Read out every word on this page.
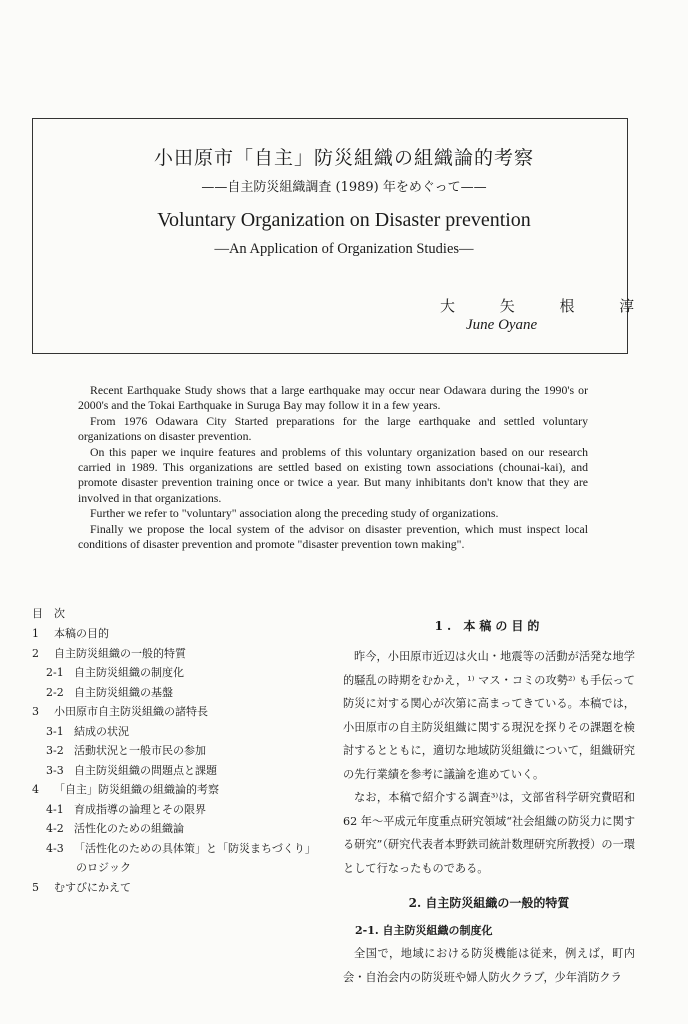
小田原市「自主」防災組織の組織論的考察
——自主防災組織調査 (1989) 年をめぐって——
Voluntary Organization on Disaster prevention
—An Application of Organization Studies—
大 矢 根 淳
June Oyane

Recent Earthquake Study shows that a large earthquake may occur near Odawara during the 1990's or 2000's and the Tokai Earthquake in Suruga Bay may follow it in a few years.

From 1976 Odawara City Started preparations for the large earthquake and settled voluntary organizations on disaster prevention.

On this paper we inquire features and problems of this voluntary organization based on our research carried in 1989. This organizations are settled based on existing town associations (chounai-kai), and promote disaster prevention training once or twice a year. But many inhibitants don't know that they are involved in that organizations.

Further we refer to "voluntary" association along the preceding study of organizations.

Finally we propose the local system of the advisor on disaster prevention, which must inspect local conditions of disaster prevention and promote "disaster prevention town making".

目　次
1 本稿の目的
2 自主防災組織の一般的特質
2-1 自主防災組織の制度化
2-2 自主防災組織の基盤
3 小田原市自主防災組織の諸特長
3-1 結成の状況
3-2 活動状況と一般市民の参加
3-3 自主防災組織の問題点と課題
4 「自主」防災組織の組織論的考察
4-1 育成指導の論理とその限界
4-2 活性化のための組織論
4-3 「活性化のための具体策」と「防災まちづくり」
のロジック
5 むすびにかえて
1. 本稿の目的

昨今，小田原市近辺は火山・地震等の活動が活発な地学的騒乱の時期をむかえ，¹⁾ マス・コミの攻勢²⁾ も手伝って防災に対する関心が次第に高まってきている。本稿では，小田原市の自主防災組織に関する現況を探りその課題を検討するとともに，適切な地域防災組織について，組織研究の先行業績を参考に議論を進めていく。

なお，本稿で紹介する調査³⁾は，文部省科学研究費昭和 62 年～平成元年度重点研究領域“社会組織の防災力に関する研究”（研究代表者本野鉄司統計数理研究所教授）の一環として行なったものである。

2. 自主防災組織の一般的特質
2-1. 自主防災組織の制度化

全国で，地域における防災機能は従来，例えば，町内会・自治会内の防災班や婦人防火クラブ，少年消防クラ
